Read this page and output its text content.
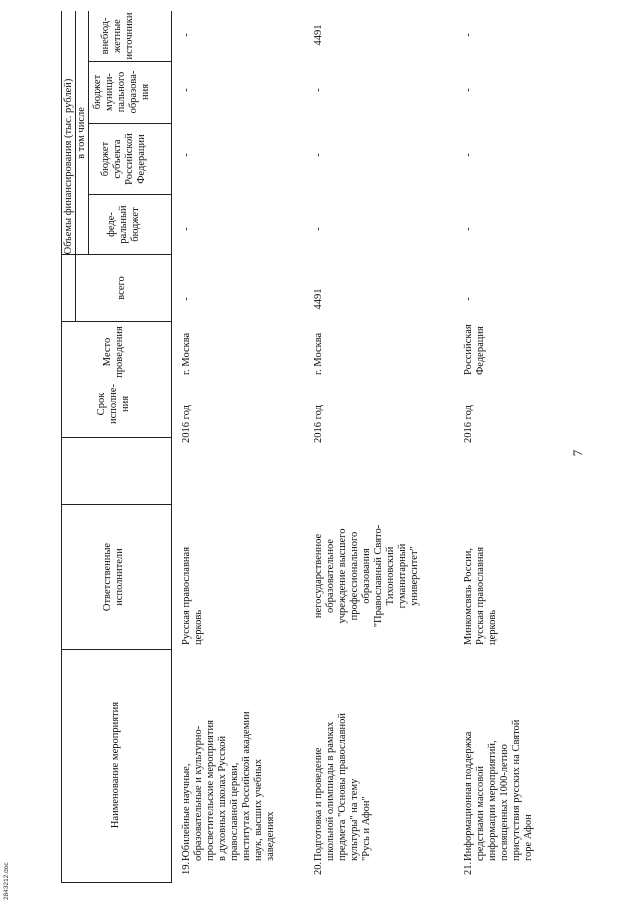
7
Наименование мероприятия
Ответственные
исполнители
Срок
исполне-
ния
Место
проведения
Объемы финансирования (тыс. рублей)
всего
в том числе
феде-
ральный
бюджет
бюджет
субъекта
Российской
Федерации
бюджет
муници-
пального
образова-
ния
внебюд-
жетные
источники
19.
Юбилейные научные,
образовательные и культурно-
просветительские мероприятия
в духовных школах Русской
православной церкви,
институтах Российской академии
наук, высших учебных
заведениях
Русская православная
церковь
2016 год
г. Москва
-
-
-
-
-
20.
Подготовка и проведение
школьной олимпиады в рамках
предмета "Основы православной
культуры" на тему
"Русь и Афон"
негосударственное
образовательное
учреждение высшего
профессионального
образования
"Православный Свято-
Тихоновский
гуманитарный
университет"
2016 год
г. Москва
4491
-
-
-
4491
21.
Информационная поддержка
средствами массовой
информации мероприятий,
посвященных 1000-летию
присутствия русских на Святой
горе Афон
Минкомсвязь России,
Русская православная
церковь
2016 год
Российская
Федерация
-
-
-
-
-
2843212.doc
